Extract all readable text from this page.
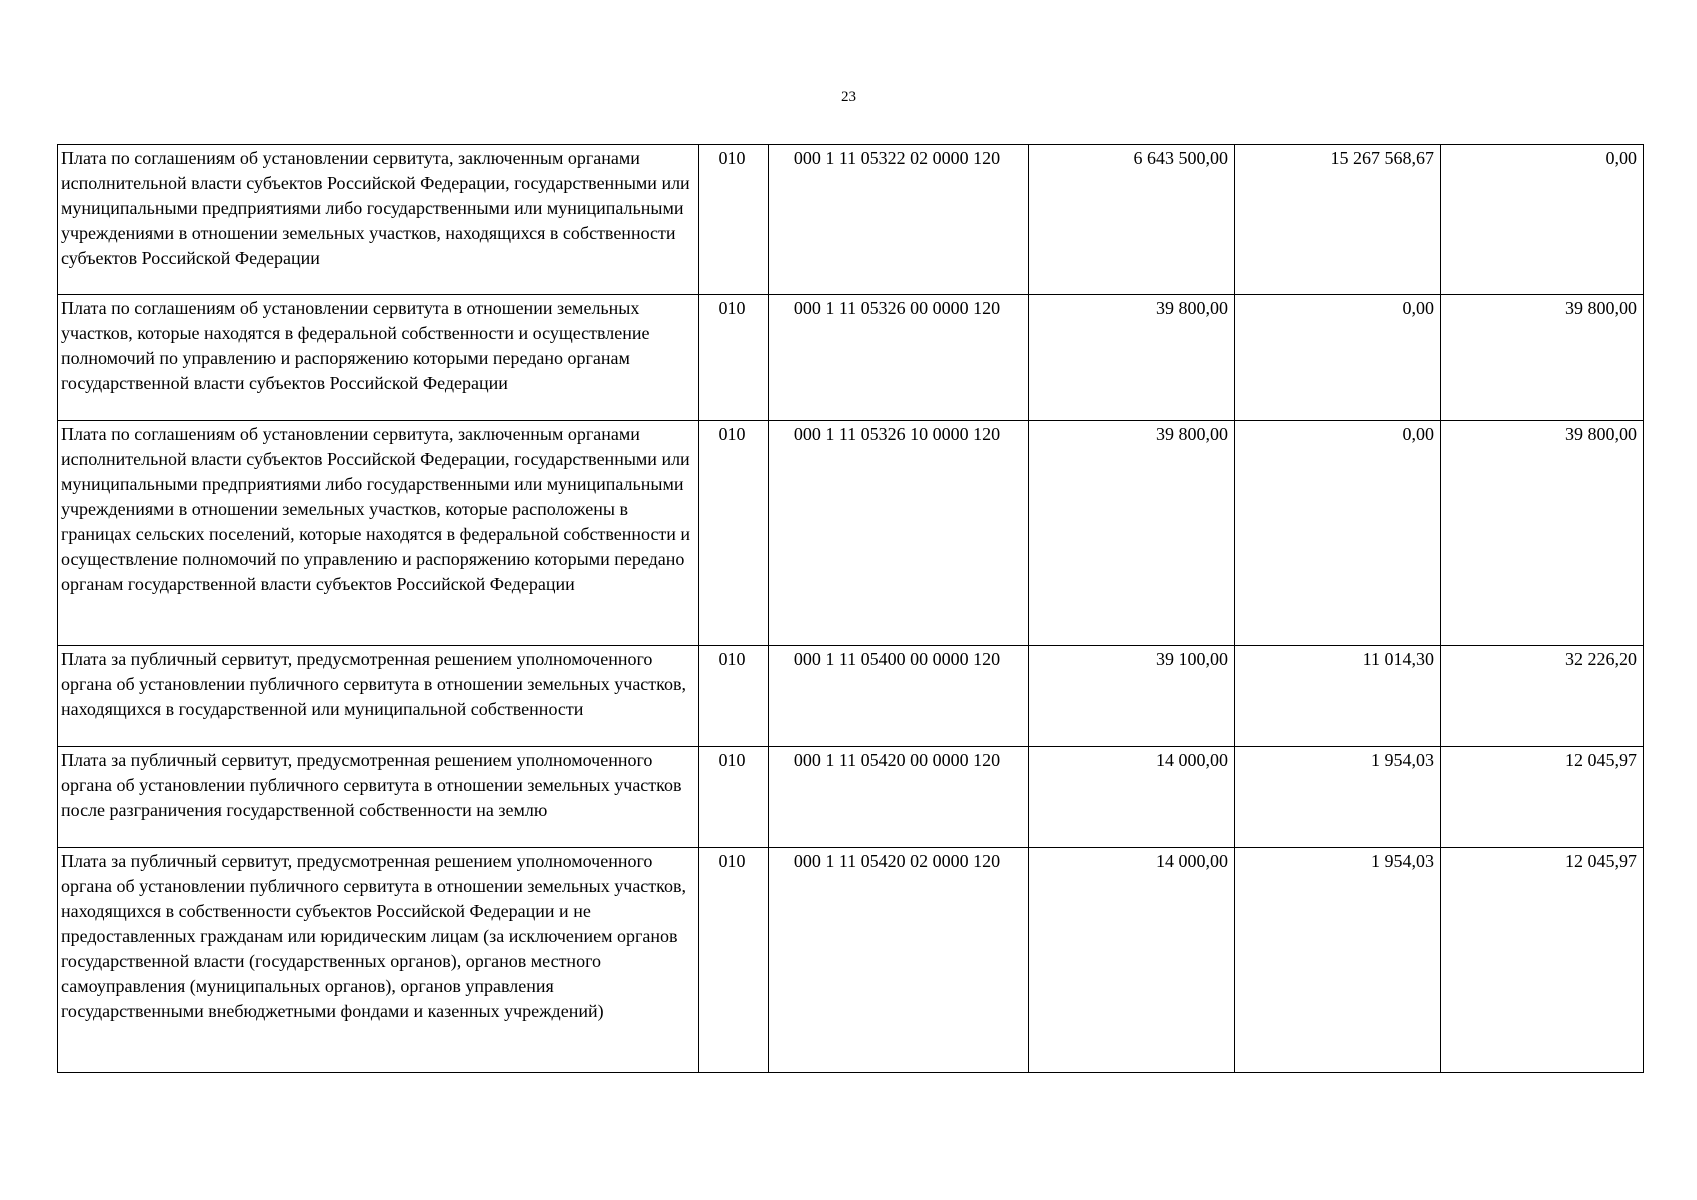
23
Плата по соглашениям об установлении сервитута, заключенным органами исполнительной власти субъектов Российской Федерации, государственными или муниципальными предприятиями либо государственными или муниципальными учреждениями в отношении земельных участков, находящихся в собственности субъектов Российской Федерации	010	000 1 11 05322 02 0000 120	6 643 500,00	15 267 568,67	0,00
Плата по соглашениям об установлении сервитута в отношении земельных участков, которые находятся в федеральной собственности и осуществление полномочий по управлению и распоряжению которыми передано органам государственной власти субъектов Российской Федерации	010	000 1 11 05326 00 0000 120	39 800,00	0,00	39 800,00
Плата по соглашениям об установлении сервитута, заключенным органами исполнительной власти субъектов Российской Федерации, государственными или муниципальными предприятиями либо государственными или муниципальными учреждениями в отношении земельных участков, которые расположены в границах сельских поселений, которые находятся в федеральной собственности и осуществление полномочий по управлению и распоряжению которыми передано органам государственной власти субъектов Российской Федерации	010	000 1 11 05326 10 0000 120	39 800,00	0,00	39 800,00
Плата за публичный сервитут, предусмотренная решением уполномоченного органа об установлении публичного сервитута в отношении земельных участков, находящихся в государственной или муниципальной собственности	010	000 1 11 05400 00 0000 120	39 100,00	11 014,30	32 226,20
Плата за публичный сервитут, предусмотренная решением уполномоченного органа об установлении публичного сервитута в отношении земельных участков после разграничения государственной собственности на землю	010	000 1 11 05420 00 0000 120	14 000,00	1 954,03	12 045,97
Плата за публичный сервитут, предусмотренная решением уполномоченного органа об установлении публичного сервитута в отношении земельных участков, находящихся в собственности субъектов Российской Федерации и не предоставленных гражданам или юридическим лицам (за исключением органов государственной власти (государственных органов), органов местного самоуправления (муниципальных органов), органов управления государственными внебюджетными фондами и казенных учреждений)	010	000 1 11 05420 02 0000 120	14 000,00	1 954,03	12 045,97
